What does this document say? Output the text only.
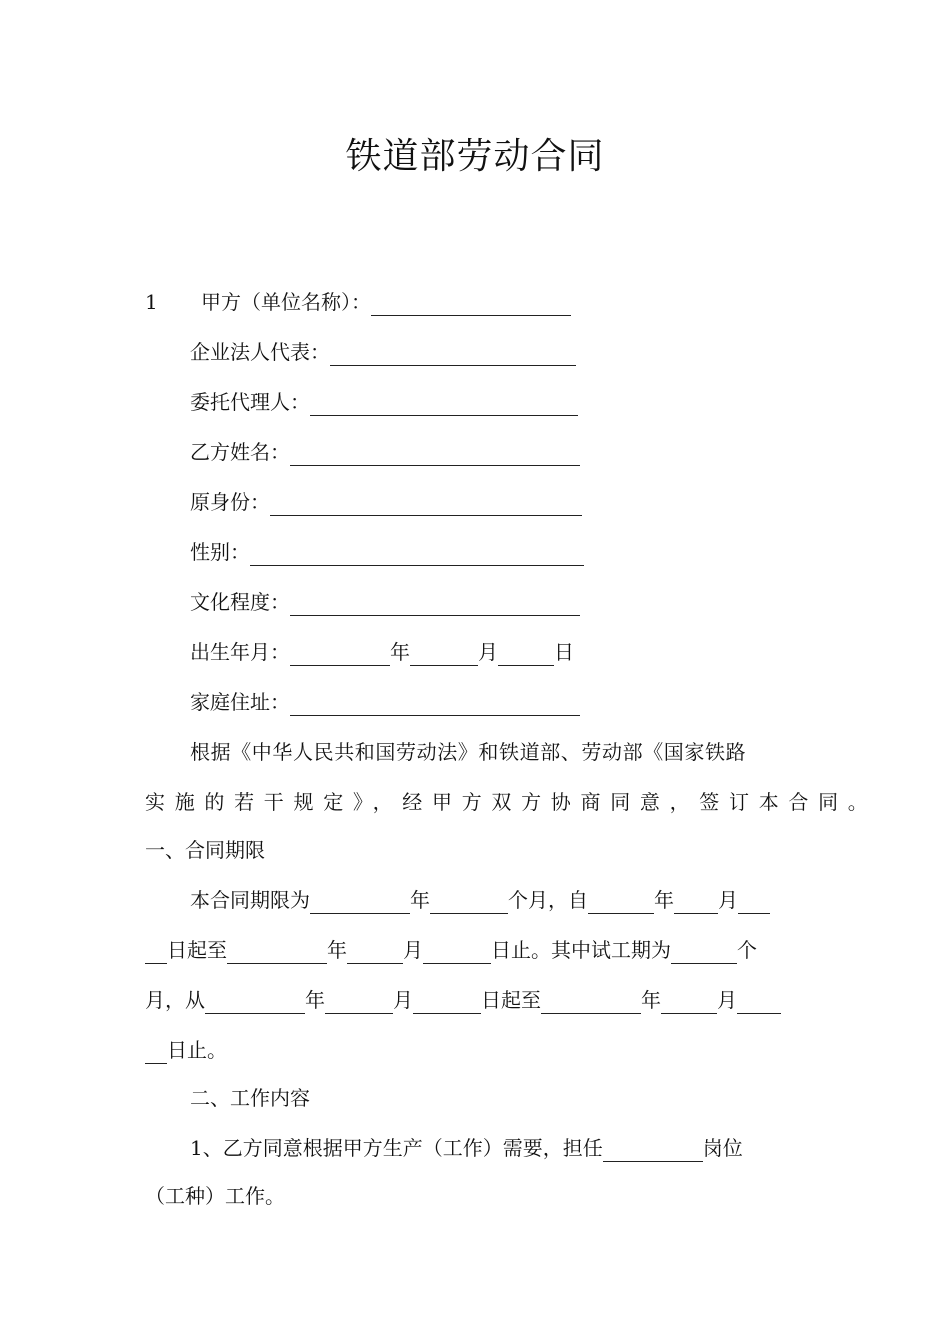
铁道部劳动合同
1 甲方（单位名称）：
企业法人代表：
委托代理人：
乙方姓名：
原身份：
性别：
文化程度：
出生年月：	年	月	日
家庭住址：
根据《中华人民共和国劳动法》和铁道部、劳动部《国家铁路
实施的若干规定》，经甲方双方协商同意，签订本合同。
一、合同期限
本合同期限为	年	个月，自	年 月
日起至	年	月	日止。其中试工期为	个
月，从	年	月	日起至	年	月
日止。
二、工作内容
1、乙方同意根据甲方生产（工作）需要，担任	岗位
（工种）工作。
